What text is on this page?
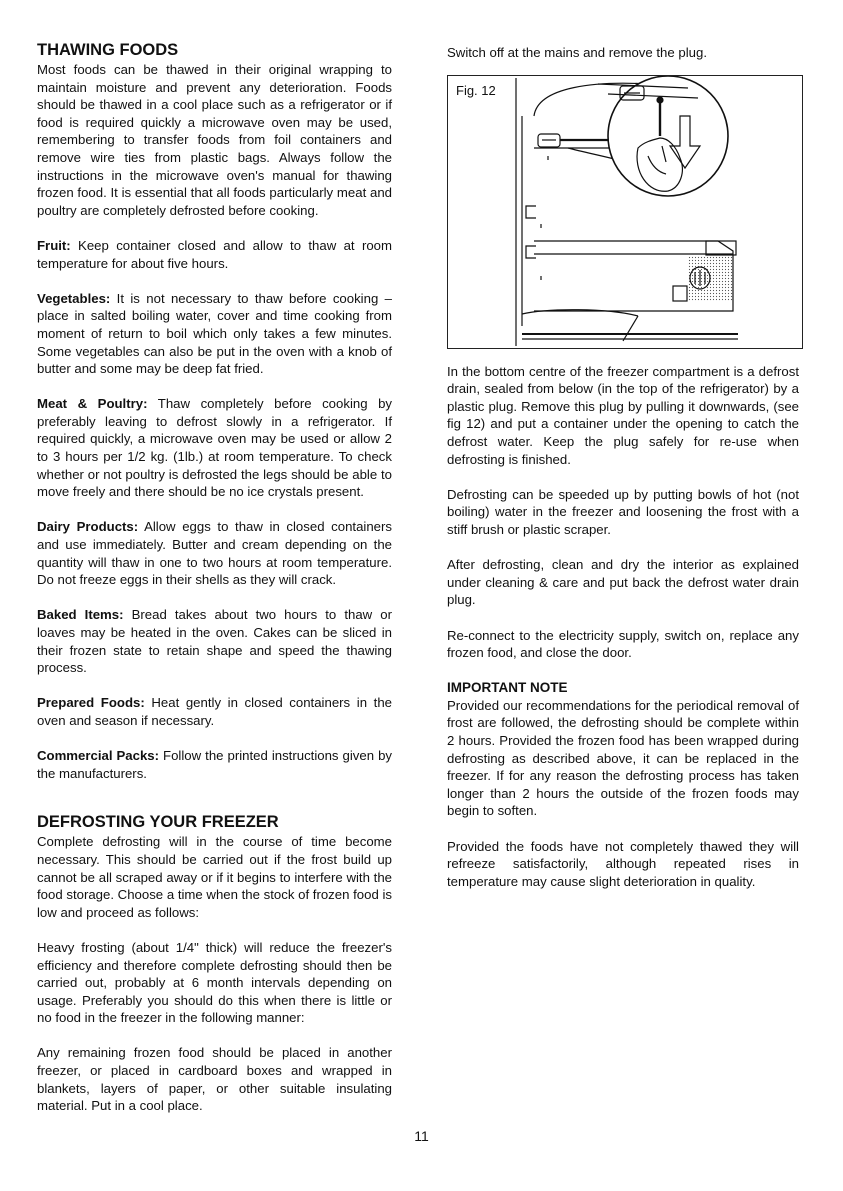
THAWING FOODS

Most foods can be thawed in their original wrapping to maintain moisture and prevent any deterioration. Foods should be thawed in a cool place such as a refrigerator or if food is required quickly a microwave oven may be used, remembering to transfer foods from foil containers and remove wire ties from plastic bags. Always follow the instructions in the microwave oven's manual for thawing frozen food. It is essential that all foods particularly meat and poultry are completely defrosted before cooking.

Fruit: Keep container closed and allow to thaw at room temperature for about five hours.

Vegetables: It is not necessary to thaw before cooking – place in salted boiling water, cover and time cooking from moment of return to boil which only takes a few minutes. Some vegetables can also be put in the oven with a knob of butter and some may be deep fat fried.

Meat & Poultry: Thaw completely before cooking by preferably leaving to defrost slowly in a refrigerator. If required quickly, a microwave oven may be used or allow 2 to 3 hours per 1/2 kg. (1lb.) at room temperature. To check whether or not poultry is defrosted the legs should be able to move freely and there should be no ice crystals present.

Dairy Products: Allow eggs to thaw in closed containers and use immediately. Butter and cream depending on the quantity will thaw in one to two hours at room temperature. Do not freeze eggs in their shells as they will crack.

Baked Items: Bread takes about two hours to thaw or loaves may be heated in the oven. Cakes can be sliced in their frozen state to retain shape and speed the thawing process.

Prepared Foods: Heat gently in closed containers in the oven and season if necessary.

Commercial Packs: Follow the printed instructions given by the manufacturers.

DEFROSTING YOUR FREEZER

Complete defrosting will in the course of time become necessary. This should be carried out if the frost build up cannot be all scraped away or if it begins to interfere with the food storage. Choose a time when the stock of frozen food is low and proceed as follows:

Heavy frosting (about 1/4" thick) will reduce the freezer's efficiency and therefore complete defrosting should then be carried out, probably at 6 month intervals depending on usage. Preferably you should do this when there is little or no food in the freezer in the following manner:

Any remaining frozen food should be placed in another freezer, or placed in cardboard boxes and wrapped in blankets, layers of paper, or other suitable insulating material. Put in a cool place.

Switch off at the mains and remove the plug.

Fig. 12

In the bottom centre of the freezer compartment is a defrost drain, sealed from below (in the top of the refrigerator) by a plastic plug. Remove this plug by pulling it downwards, (see fig 12) and put a container under the opening to catch the defrost water. Keep the plug safely for re-use when defrosting is finished.

Defrosting can be speeded up by putting bowls of hot (not boiling) water in the freezer and loosening the frost with a stiff brush or plastic scraper.

After defrosting, clean and dry the interior as explained under cleaning & care and put back the defrost water drain plug.

Re-connect to the electricity supply, switch on, replace any frozen food, and close the door.

IMPORTANT NOTE

Provided our recommendations for the periodical removal of frost are followed, the defrosting should be complete within 2 hours. Provided the frozen food has been wrapped during defrosting as described above, it can be replaced in the freezer. If for any reason the defrosting process has taken longer than 2 hours the outside of the frozen foods may begin to soften.

Provided the foods have not completely thawed they will refreeze satisfactorily, although repeated rises in temperature may cause slight deterioration in quality.

11
